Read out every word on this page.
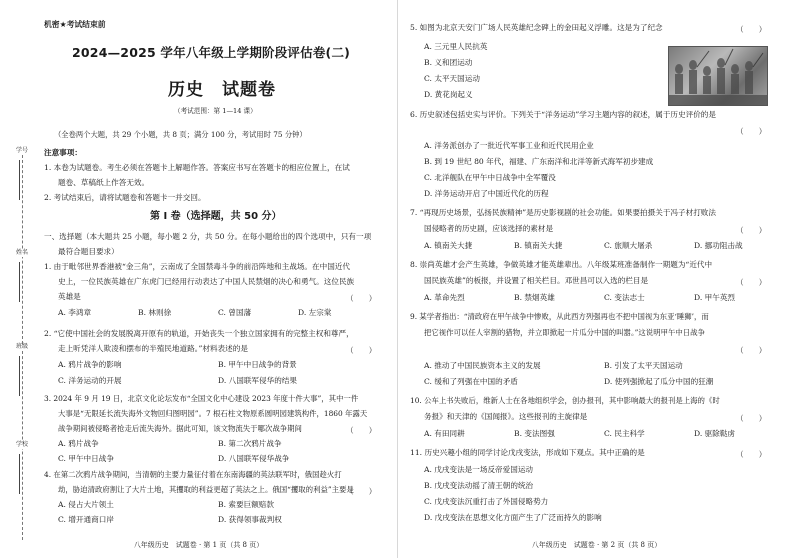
学号
姓名
班级
学校
机密★考试结束前
2024—2025 学年八年级上学期阶段评估卷(二)
历史　试题卷
（考试范围：第 1—14 课）
（全卷两个大题，共 29 个小题，共 8 页；满分 100 分，考试用时 75 分钟）
注意事项：
1. 本卷为试题卷。考生必须在答题卡上解题作答。答案应书写在答题卡的相应位置上，在试
题卷、草稿纸上作答无效。
2. 考试结束后，请将试题卷和答题卡一并交回。
第 Ⅰ 卷（选择题，共 50 分）
一、选择题（本大题共 25 小题，每小题 2 分，共 50 分。在每小题给出的四个选项中，只有一项
最符合题目要求）
1. 由于毗邻世界香港被“金三角”，云南成了全国禁毒斗争的前沿阵地和主战场。在中国近代
史上，一位民族英雄在广东虎门已经用行动表达了中国人民禁烟的决心和勇气。这位民族
英雄是	（　　）
A. 李鸿章	B. 林则徐	C. 曾国藩	D. 左宗棠
2. “它使中国社会的发展脱离开原有的轨道，开始丧失一个独立国家拥有的完整主权和尊严，
走上听凭洋人欺凌和摆布的半殖民地道路。”材料表述的是	（　　）
A. 鸦片战争的影响	B. 甲午中日战争的背景
C. 洋务运动的开展	D. 八国联军侵华的结果
3. 2024 年 9 月 19 日，北京文化论坛发布“全国文化中心建设 2023 年度十件大事”，其中一件
大事是“无限延长流失海外文物回归图明园”。7 根石柱文物原系圆明园建筑构件，1860 年露天
战争期间被侵略者抢走后流失海外。据此可知，该文物流失于哪次战争期间	（　　）
A. 鸦片战争	B. 第二次鸦片战争
C. 甲午中日战争	D. 八国联军侵华战争
4. 在第二次鸦片战争期间，当清朝的主要力量征付着在东南海疆的英法联军时，俄国趁火打
劫，胁迫清政府割让了大片土地，其攫取的利益更超了英法之上。俄国“攫取的利益”主要是
（　　）
A. 侵占大片领土	B. 索要巨额赔款
C. 增开通商口岸	D. 获得领事裁判权
八年级历史　试题卷 · 第 1 页（共 8 页）
5. 如图为北京天安门广场人民英雄纪念碑上的金田起义浮雕。这是为了纪念	（　　）
A. 三元里人民抗英
B. 义和团运动
C. 太平天国运动
D. 黄花岗起义
6. 历史叙述包括史实与评价。下列关于“洋务运动”学习主题内容的叙述，属于历史评价的是
（　　）
A. 洋务派创办了一批近代军事工业和近代民用企业
B. 到 19 世纪 80 年代，福建、广东南洋和北洋等新式海军初步建成
C. 北洋舰队在甲午中日战争中全军覆没
D. 洋务运动开启了中国近代化的历程
7. “再现历史场景，弘扬民族精神”是历史影视剧的社会功能。如果要拍摄关于冯子材打败法
国侵略者的历史剧，应该选择的素材是	（　　）
A. 镇南关大捷	B. 镇南关大捷	C. 旅顺大屠杀	D. 挪功阻击战
8. 崇尚英雄才会产生英雄，争做英雄才能英雄辈出。八年级某班准备制作一期题为“近代中
国民族英雄”的板报，并设置了相关栏目。邓世昌可以入选的栏目是	（　　）
A. 革命先烈	B. 禁烟英雄	C. 变法志士	D. 甲午英烈
9. 某学者指出：“清政府在甲午战争中惨败，从此西方列强再也不把中国视为东亚‘睡狮’，而
把它视作可以任人宰割的猎物，并立即掀起一片瓜分中国的叫嚣。”这说明甲午中日战争
（　　）
A. 推动了中国民族资本主义的发展	B. 引发了太平天国运动
C. 缓和了列强在中国的矛盾	D. 使列强掀起了瓜分中国的狂潮
10. 公车上书失败后，维新人士在各地组织学会，创办报刊，其中影响最大的报刊是上海的《时
务报》和天津的《国闻报》。这些报刊的主旋律是	（　　）
A. 有田同耕	B. 变法图强	C. 民主科学	D. 驱除鞑虏
11. 历史兴趣小组的同学讨论戊戌变法，形成如下观点。其中正确的是	（　　）
A. 戊戌变法是一场反帝爱国运动
B. 戊戌变法动摇了清王朝的统治
C. 戊戌变法沉重打击了外国侵略势力
D. 戊戌变法在思想文化方面产生了广泛而持久的影响
八年级历史　试题卷 · 第 2 页（共 8 页）
